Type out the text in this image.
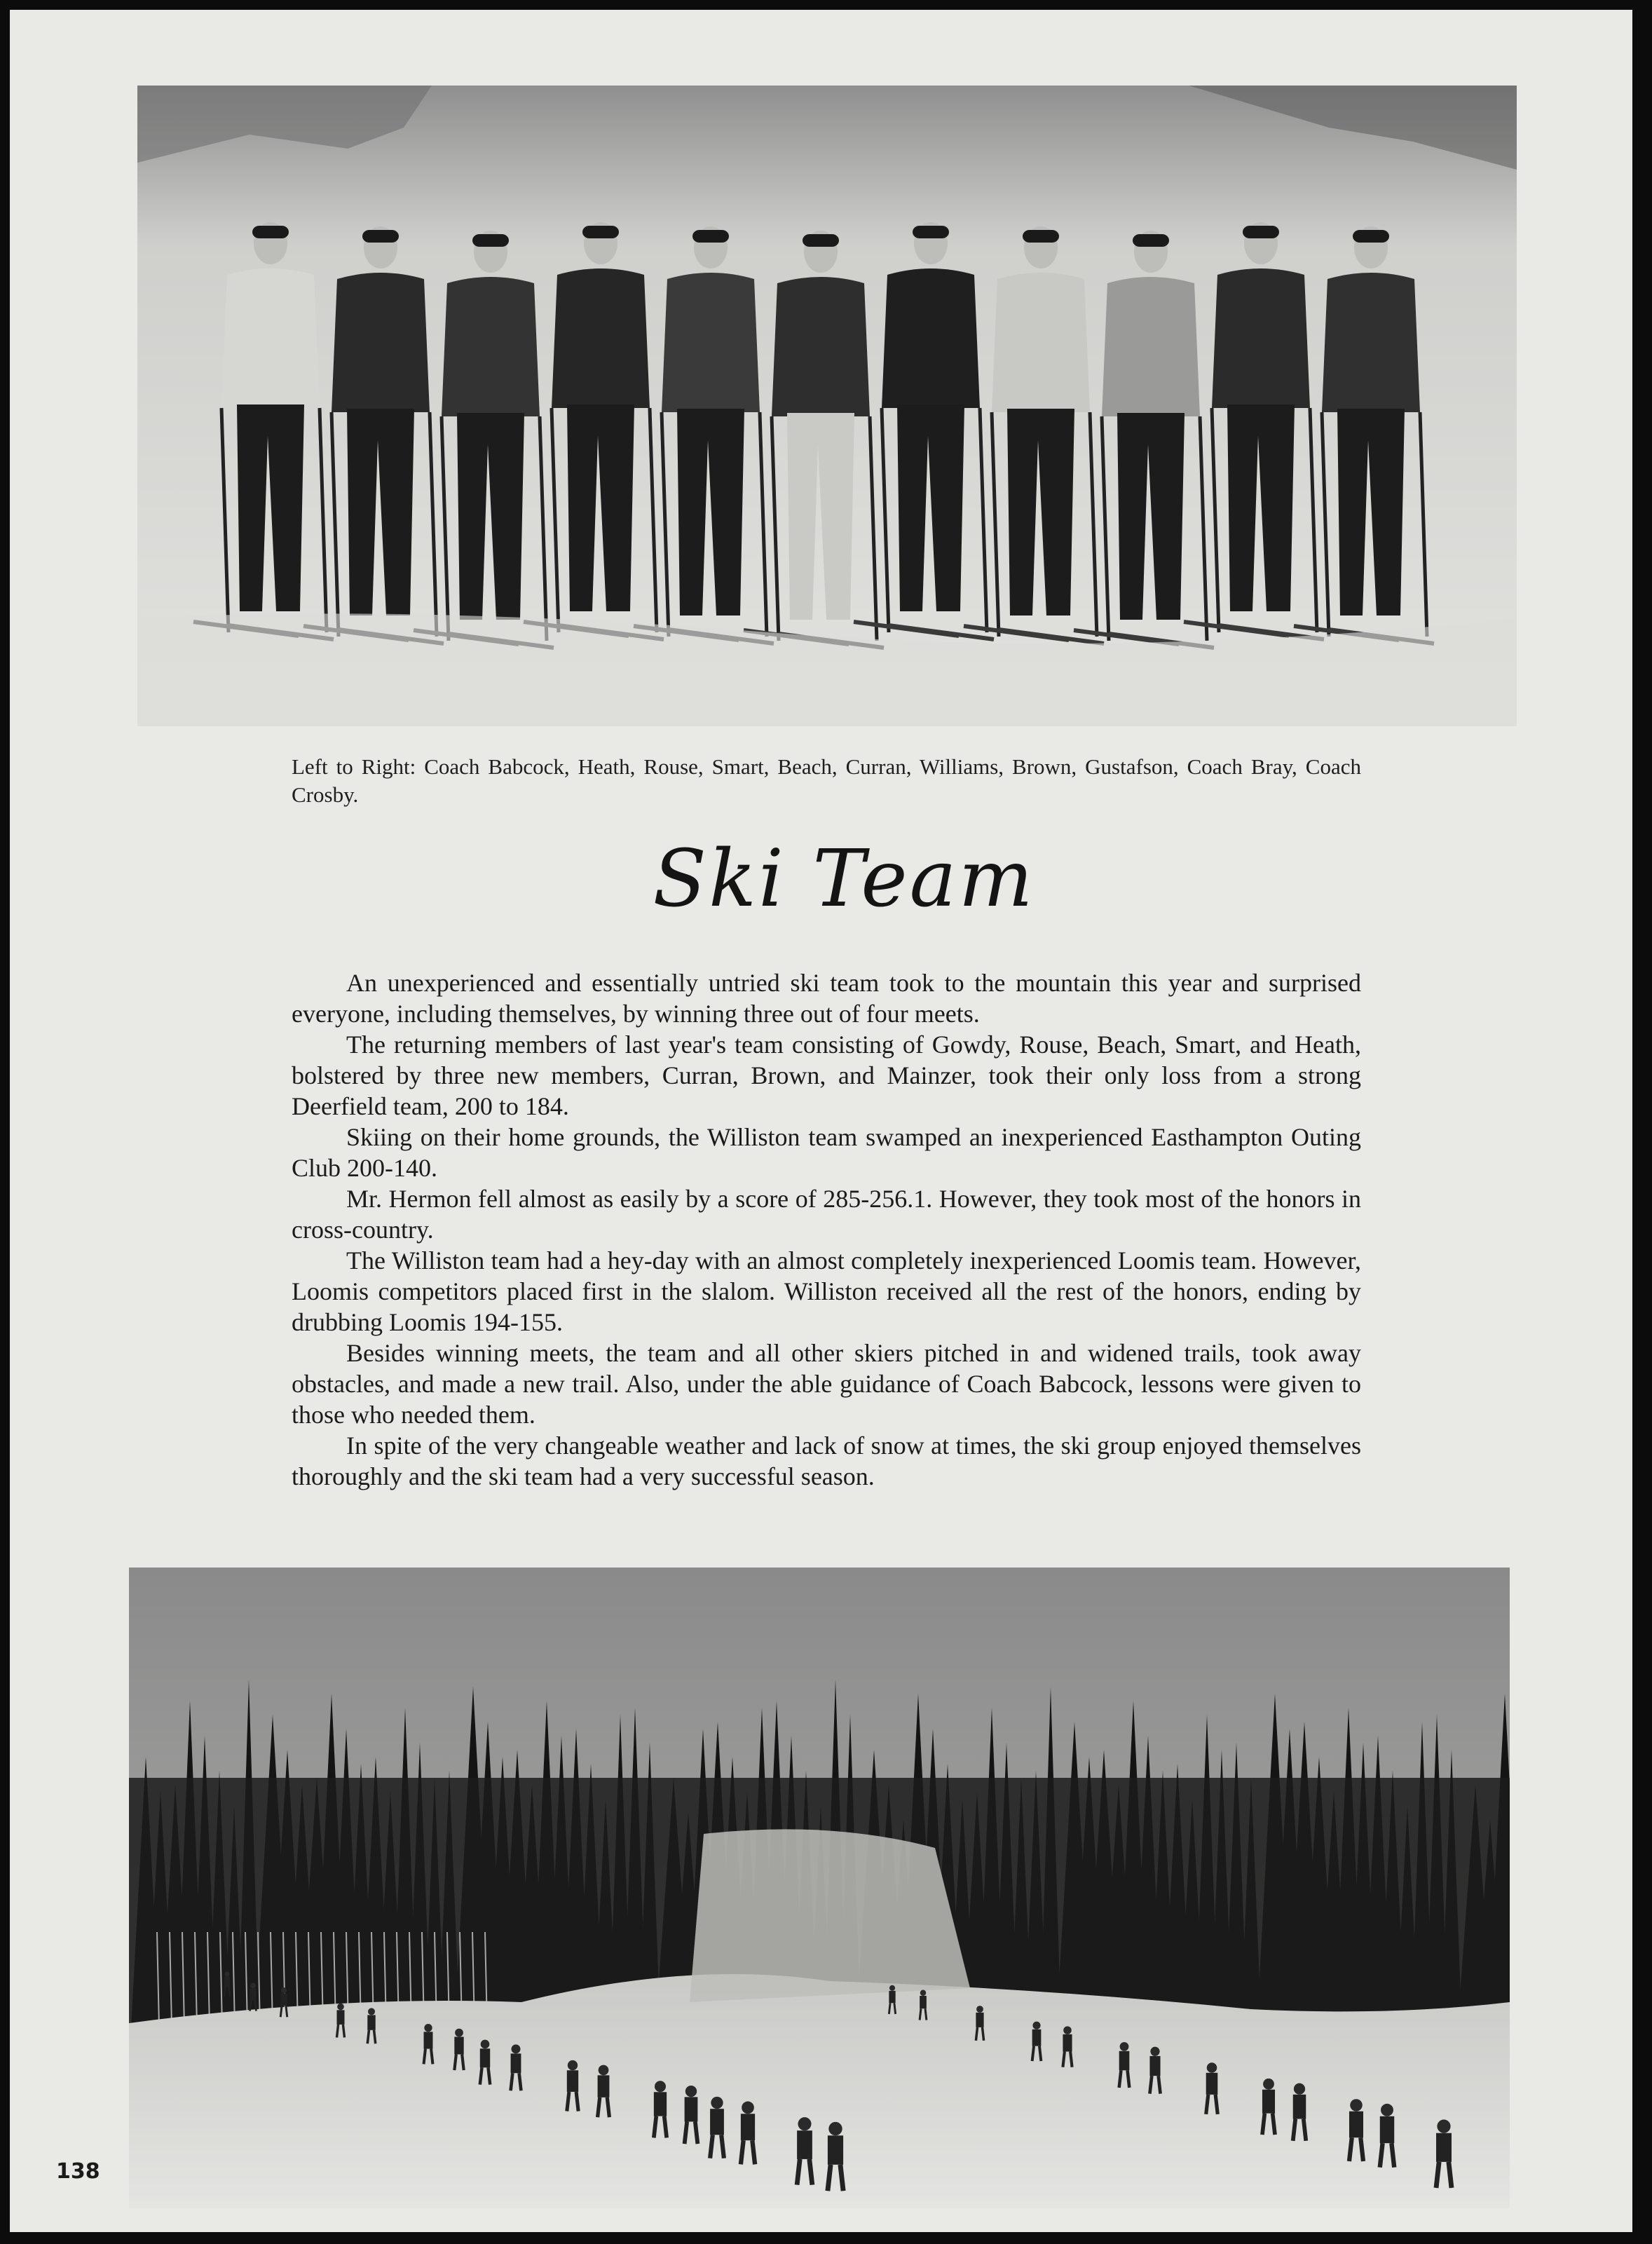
Left to Right: Coach Babcock, Heath, Rouse, Smart, Beach, Curran, Williams, Brown, Gustafson, Coach Bray, Coach Crosby.
Ski Team

An unexperienced and essentially untried ski team took to the mountain this year and surprised everyone, including themselves, by winning three out of four meets.

The returning members of last year's team consisting of Gowdy, Rouse, Beach, Smart, and Heath, bolstered by three new members, Curran, Brown, and Mainzer, took their only loss from a strong Deerfield team, 200 to 184.

Skiing on their home grounds, the Williston team swamped an inexperienced Easthampton Outing Club 200-140.

Mr. Hermon fell almost as easily by a score of 285-256.1. However, they took most of the honors in cross-country.

The Williston team had a hey-day with an almost completely inexperienced Loomis team. However, Loomis competitors placed first in the slalom. Williston received all the rest of the honors, ending by drubbing Loomis 194-155.

Besides winning meets, the team and all other skiers pitched in and widened trails, took away obstacles, and made a new trail. Also, under the able guidance of Coach Babcock, lessons were given to those who needed them.

In spite of the very changeable weather and lack of snow at times, the ski group enjoyed themselves thoroughly and the ski team had a very successful season.

138
